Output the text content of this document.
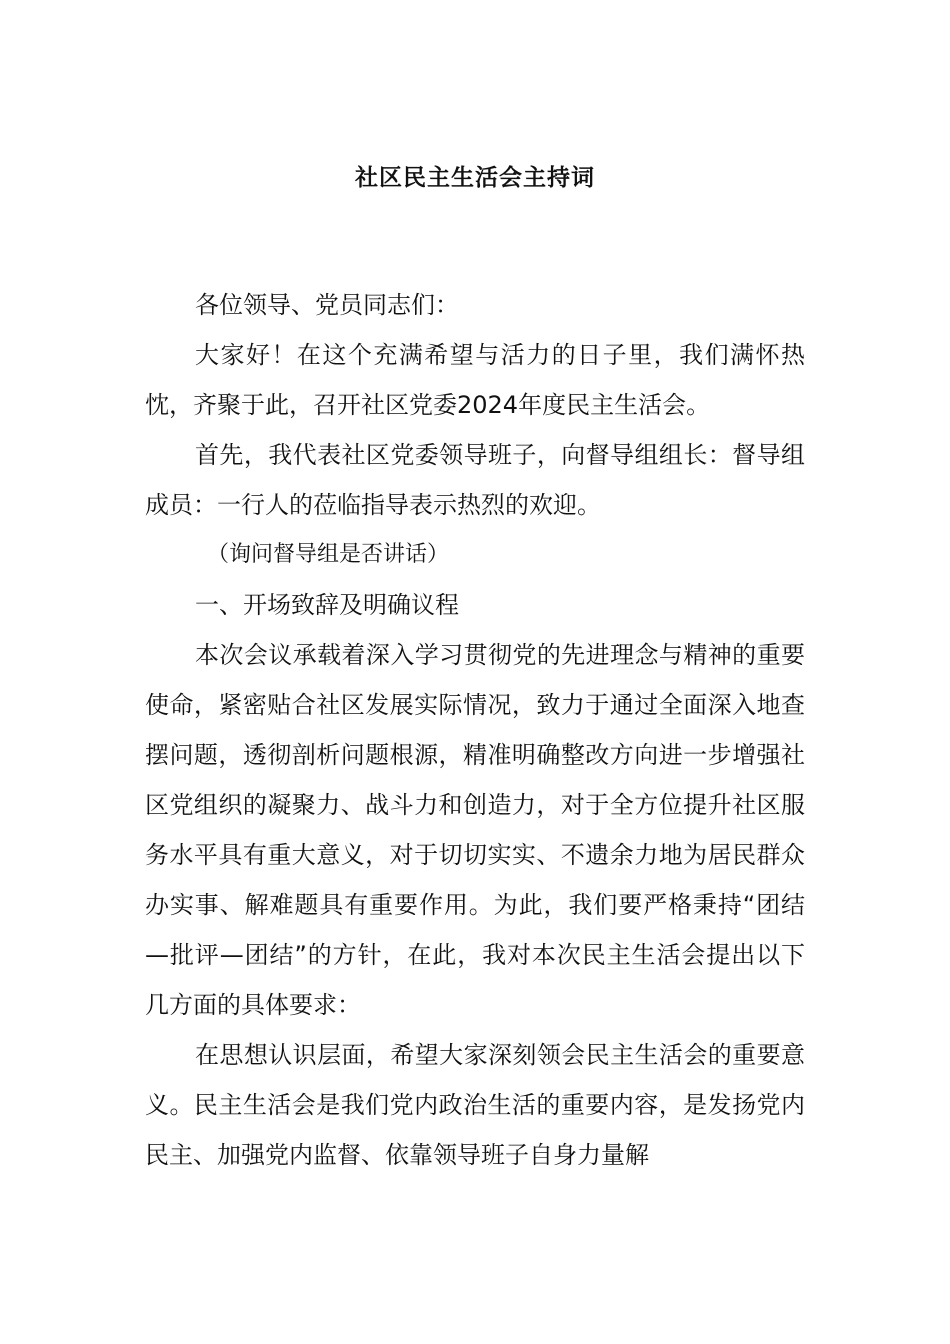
社区民主生活会主持词

各位领导、党员同志们：

大家好！在这个充满希望与活力的日子里，我们满怀热忱，齐聚于此，召开社区党委2024年度民主生活会。

首先，我代表社区党委领导班子，向督导组组长：督导组成员：一行人的莅临指导表示热烈的欢迎。

（询问督导组是否讲话）

一、开场致辞及明确议程

本次会议承载着深入学习贯彻党的先进理念与精神的重要使命，紧密贴合社区发展实际情况，致力于通过全面深入地查摆问题，透彻剖析问题根源，精准明确整改方向进一步增强社区党组织的凝聚力、战斗力和创造力，对于全方位提升社区服务水平具有重大意义，对于切切实实、不遗余力地为居民群众办实事、解难题具有重要作用。为此，我们要严格秉持“团结—批评—团结”的方针，在此，我对本次民主生活会提出以下几方面的具体要求：

在思想认识层面，希望大家深刻领会民主生活会的重要意义。民主生活会是我们党内政治生活的重要内容，是发扬党内民主、加强党内监督、依靠领导班子自身力量解
